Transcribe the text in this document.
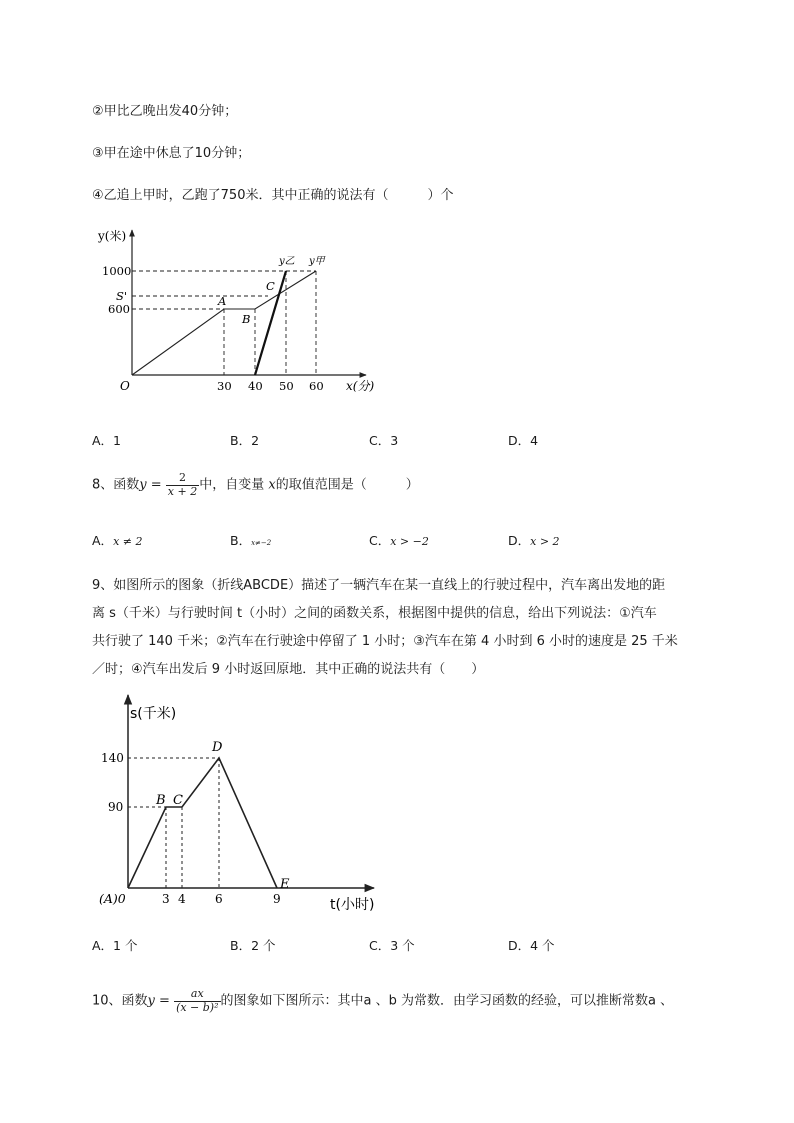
②甲比乙晚出发40分钟；
③甲在途中休息了10分钟；
④乙追上甲时，乙跑了750米．其中正确的说法有（　　　）个
y(米)
x(分)
O
1000
S'
600
30 40 50 60
A
B
C
y乙 y甲
A．1	B．2	C．3	D．4
8、函数$y = \frac{2}{x + 2}$ 中，自变量 x的取值范围是（　　　）
A．x ≠ 2	B．x≠−2	C．x > −2	D．x > 2
9、如图所示的图象（折线ABCDE）描述了一辆汽车在某一直线上的行驶过程中，汽车离出发地的距
离 s（千米）与行驶时间 t（小时）之间的函数关系，根据图中提供的信息，给出下列说法：①汽车
共行驶了 140 千米；②汽车在行驶途中停留了 1 小时；③汽车在第 4 小时到 6 小时的速度是 25 千米
／时；④汽车出发后 9 小时返回原地．其中正确的说法共有（　　）
s(千米)
t(小时)
(A)0
140
90
3 4 6	9
B C
D
E
A．1 个	B．2 个	C．3 个	D．4 个
10、函数$y = \frac{ax}{\text{(x − b)²}}$ 的图象如下图所示：其中a 、b 为常数．由学习函数的经验，可以推断常数a 、
